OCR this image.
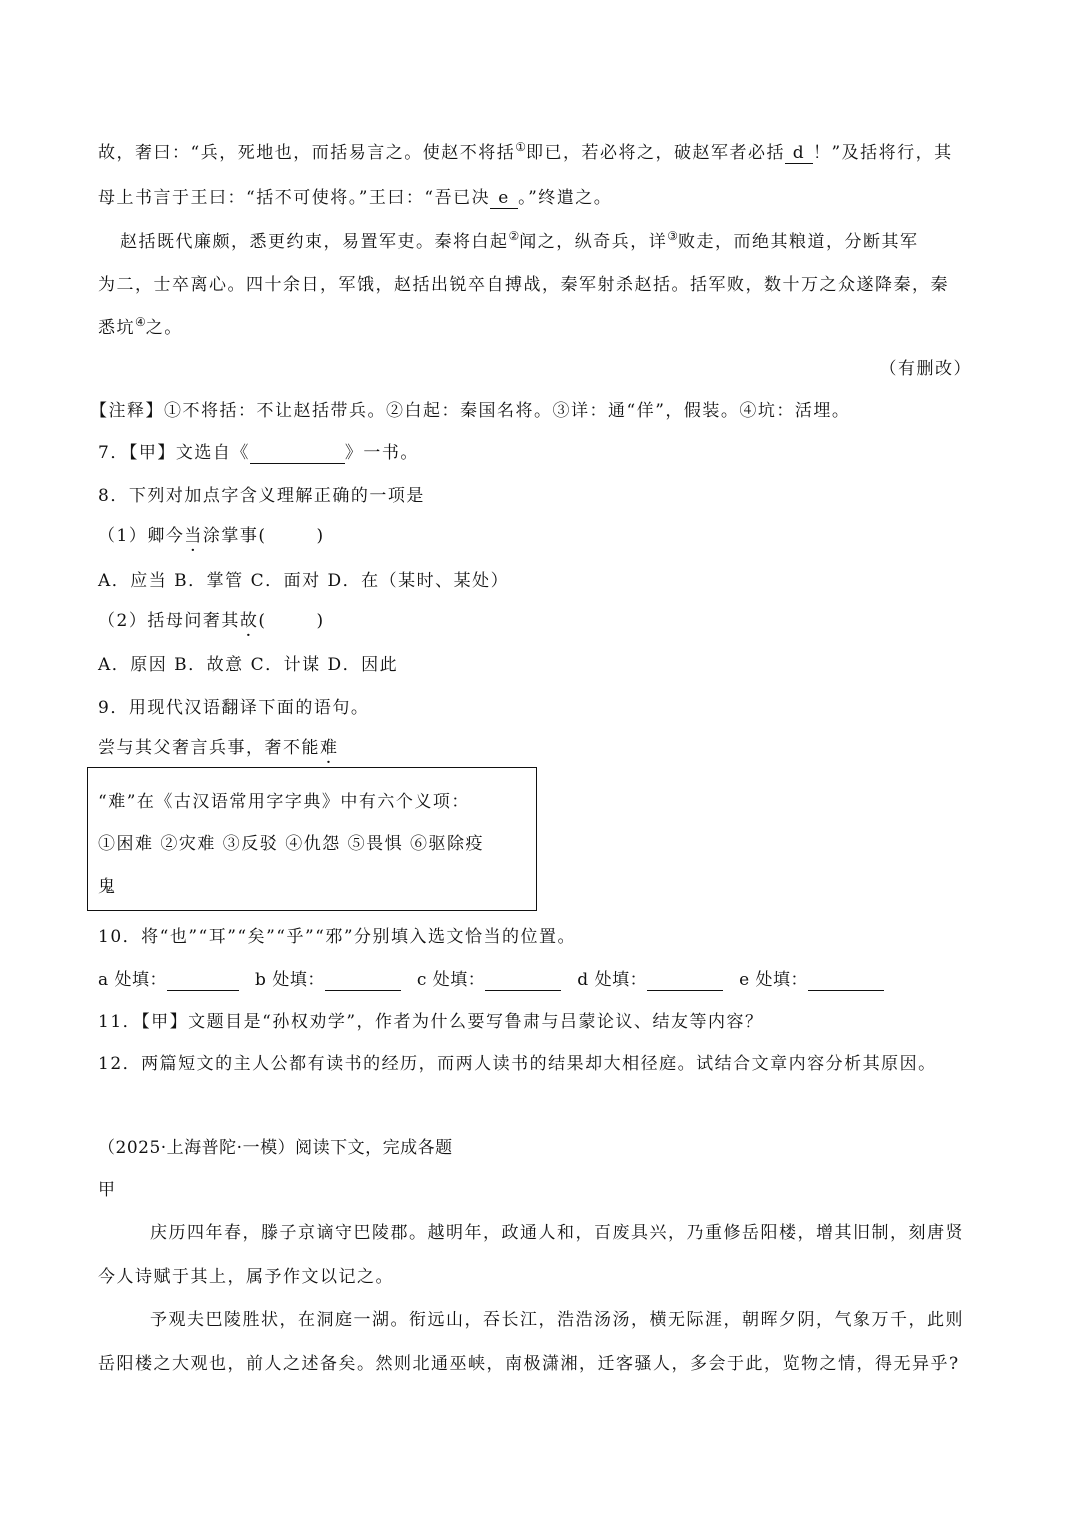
故，奢曰：“兵，死地也，而括易言之。使赵不将括①即已，若必将之，破赵军者必括 d ！”及括将行，其
母上书言于王曰：“括不可使将。”王曰：“吾已决 e 。”终遣之。
赵括既代廉颇，悉更约束，易置军吏。秦将白起②闻之，纵奇兵，详③败走，而绝其粮道，分断其军
为二，士卒离心。四十余日，军饿，赵括出锐卒自搏战，秦军射杀赵括。括军败，数十万之众遂降秦，秦
悉坑④之。
（有删改）
【注释】①不将括：不让赵括带兵。②白起：秦国名将。③详：通“佯”，假装。④坑：活埋。
7．【甲】文选自《	》一书。
8．下列对加点字含义理解正确的一项是
（1）卿今当涂掌事(	)
A．应当 B．掌管 C．面对 D．在（某时、某处）
（2）括母问奢其故(	)
A．原因 B．故意 C．计谋 D．因此
9．用现代汉语翻译下面的语句。
尝与其父奢言兵事，奢不能难
“难”在《古汉语常用字字典》中有六个义项：
①困难 ②灾难 ③反驳 ④仇怨 ⑤畏惧 ⑥驱除疫
鬼
10．将“也”“耳”“矣”“乎”“邪”分别填入选文恰当的位置。
a 处填：	b 处填：	c 处填：	d 处填：	e 处填：
11．【甲】文题目是“孙权劝学”，作者为什么要写鲁肃与吕蒙论议、结友等内容？
12．两篇短文的主人公都有读书的经历，而两人读书的结果却大相径庭。试结合文章内容分析其原因。
（2025·上海普陀·一模）阅读下文，完成各题
甲
庆历四年春，滕子京谪守巴陵郡。越明年，政通人和，百废具兴，乃重修岳阳楼，增其旧制，刻唐贤
今人诗赋于其上，属予作文以记之。
予观夫巴陵胜状，在洞庭一湖。衔远山，吞长江，浩浩汤汤，横无际涯，朝晖夕阴，气象万千，此则
岳阳楼之大观也，前人之述备矣。然则北通巫峡，南极潇湘，迁客骚人，多会于此，览物之情，得无异乎?
